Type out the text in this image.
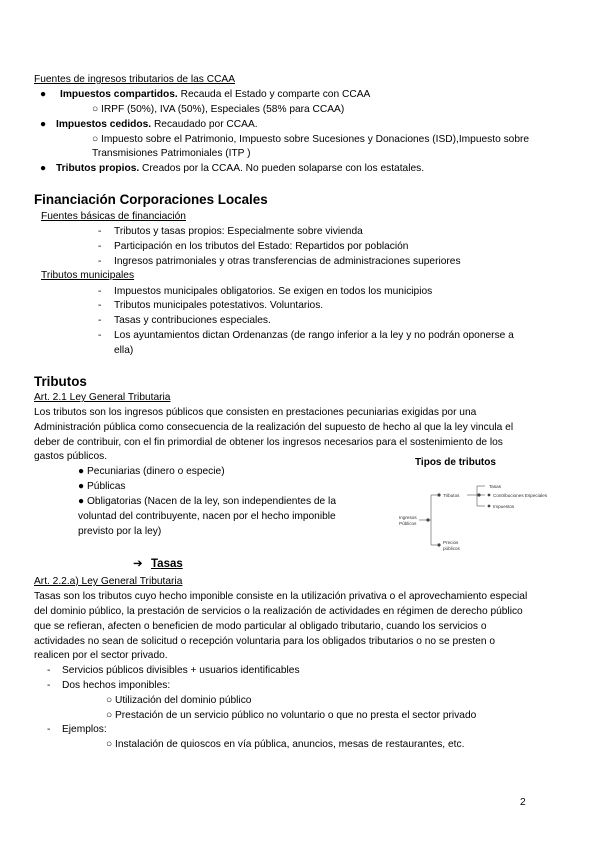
Fuentes de ingresos tributarios de las CCAA
● Impuestos compartidos. Recauda el Estado y comparte con CCAA
○ IRPF (50%), IVA (50%), Especiales (58% para CCAA)
● Impuestos cedidos. Recaudado por CCAA.
○ Impuesto sobre el Patrimonio, Impuesto sobre Sucesiones y Donaciones (ISD),Impuesto sobre
Transmisiones Patrimoniales (ITP )
● Tributos propios. Creados por la CCAA. No pueden solaparse con los estatales.
Financiación Corporaciones Locales
Fuentes básicas de financiación
- Tributos y tasas propios: Especialmente sobre vivienda
- Participación en los tributos del Estado: Repartidos por población
- Ingresos patrimoniales y otras transferencias de administraciones superiores
Tributos municipales
- Impuestos municipales obligatorios. Se exigen en todos los municipios
- Tributos municipales potestativos. Voluntarios.
- Tasas y contribuciones especiales.
- Los ayuntamientos dictan Ordenanzas (de rango inferior a la ley y no podrán oponerse a
ella)
Tributos
Art. 2.1 Ley General Tributaria
Los tributos son los ingresos públicos que consisten en prestaciones pecuniarias exigidas por una
Administración pública como consecuencia de la realización del supuesto de hecho al que la ley vincula el
deber de contribuir, con el fin primordial de obtener los ingresos necesarios para el sostenimiento de los
gastos públicos.
● Pecuniarias (dinero o especie)
● Públicas
● Obligatorias (Nacen de la ley, son independientes de la
voluntad del contribuyente, nacen por el hecho imponible
previsto por la ley)
Tipos de tributos
Ingresos
Públicos
Tributos
Tasas
Contribuciones Especiales
Impuestos
Precios
públicos
➔ Tasas
Art. 2.2.a) Ley General Tributaria
Tasas son los tributos cuyo hecho imponible consiste en la utilización privativa o el aprovechamiento especial
del dominio público, la prestación de servicios o la realización de actividades en régimen de derecho público
que se refieran, afecten o beneficien de modo particular al obligado tributario, cuando los servicios o
actividades no sean de solicitud o recepción voluntaria para los obligados tributarios o no se presten o
realicen por el sector privado.
- Servicios públicos divisibles + usuarios identificables
- Dos hechos imponibles:
○ Utilización del dominio público
○ Prestación de un servicio público no voluntario o que no presta el sector privado
- Ejemplos:
○ Instalación de quioscos en vía pública, anuncios, mesas de restaurantes, etc.
2
